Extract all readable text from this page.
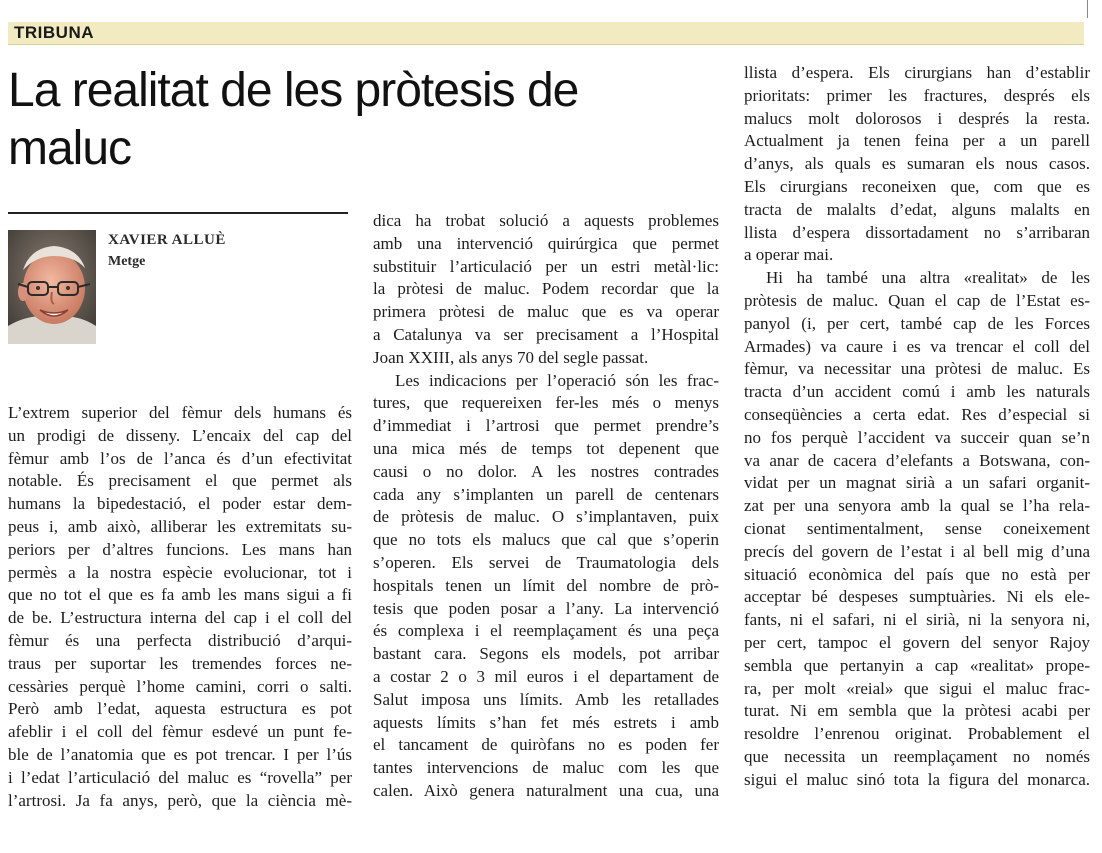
TRIBUNA
La realitat de les pròtesis de maluc
XAVIER ALLUÈ
Metge
L’extrem superior del fèmur dels humans és
un prodigi de disseny. L’encaix del cap del
fèmur amb l’os de l’anca és d’un efectivitat
notable. És precisament el que permet als
humans la bipedestació, el poder estar dem-
peus i, amb això, alliberar les extremitats su-
periors per d’altres funcions. Les mans han
permès a la nostra espècie evolucionar, tot i
que no tot el que es fa amb les mans sigui a fi
de be. L’estructura interna del cap i el coll del
fèmur és una perfecta distribució d’arqui-
traus per suportar les tremendes forces ne-
cessàries perquè l’home camini, corri o salti.
Però amb l’edat, aquesta estructura es pot
afeblir i el coll del fèmur esdevé un punt fe-
ble de l’anatomia que es pot trencar. I per l’ús
i l’edat l’articulació del maluc es “rovella” per
l’artrosi. Ja fa anys, però, que la ciència mè-
dica ha trobat solució a aquests problemes
amb una intervenció quirúrgica que permet
substituir l’articulació per un estri metàl·lic:
la pròtesi de maluc. Podem recordar que la
primera pròtesi de maluc que es va operar
a Catalunya va ser precisament a l’Hospital
Joan XXIII, als anys 70 del segle passat.
Les indicacions per l’operació són les frac-
tures, que requereixen fer-les més o menys
d’immediat i l’artrosi que permet prendre’s
una mica més de temps tot depenent que
causi o no dolor. A les nostres contrades
cada any s’implanten un parell de centenars
de pròtesis de maluc. O s’implantaven, puix
que no tots els malucs que cal que s’operin
s’operen. Els servei de Traumatologia dels
hospitals tenen un límit del nombre de prò-
tesis que poden posar a l’any. La intervenció
és complexa i el reemplaçament és una peça
bastant cara. Segons els models, pot arribar
a costar 2 o 3 mil euros i el departament de
Salut imposa uns límits. Amb les retallades
aquests límits s’han fet més estrets i amb
el tancament de quiròfans no es poden fer
tantes intervencions de maluc com les que
calen. Això genera naturalment una cua, una
llista d’espera. Els cirurgians han d’establir
prioritats: primer les fractures, després els
malucs molt dolorosos i després la resta.
Actualment ja tenen feina per a un parell
d’anys, als quals es sumaran els nous casos.
Els cirurgians reconeixen que, com que es
tracta de malalts d’edat, alguns malalts en
llista d’espera dissortadament no s’arribaran
a operar mai.
Hi ha també una altra «realitat» de les
pròtesis de maluc. Quan el cap de l’Estat es-
panyol (i, per cert, també cap de les Forces
Armades) va caure i es va trencar el coll del
fèmur, va necessitar una pròtesi de maluc. Es
tracta d’un accident comú i amb les naturals
conseqüències a certa edat. Res d’especial si
no fos perquè l’accident va succeir quan se’n
va anar de cacera d’elefants a Botswana, con-
vidat per un magnat sirià a un safari organit-
zat per una senyora amb la qual se l’ha rela-
cionat sentimentalment, sense coneixement
precís del govern de l’estat i al bell mig d’una
situació econòmica del país que no està per
acceptar bé despeses sumptuàries. Ni els ele-
fants, ni el safari, ni el sirià, ni la senyora ni,
per cert, tampoc el govern del senyor Rajoy
sembla que pertanyin a cap «realitat» prope-
ra, per molt «reial» que sigui el maluc frac-
turat. Ni em sembla que la pròtesi acabi per
resoldre l’enrenou originat. Probablement el
que necessita un reemplaçament no només
sigui el maluc sinó tota la figura del monarca.
